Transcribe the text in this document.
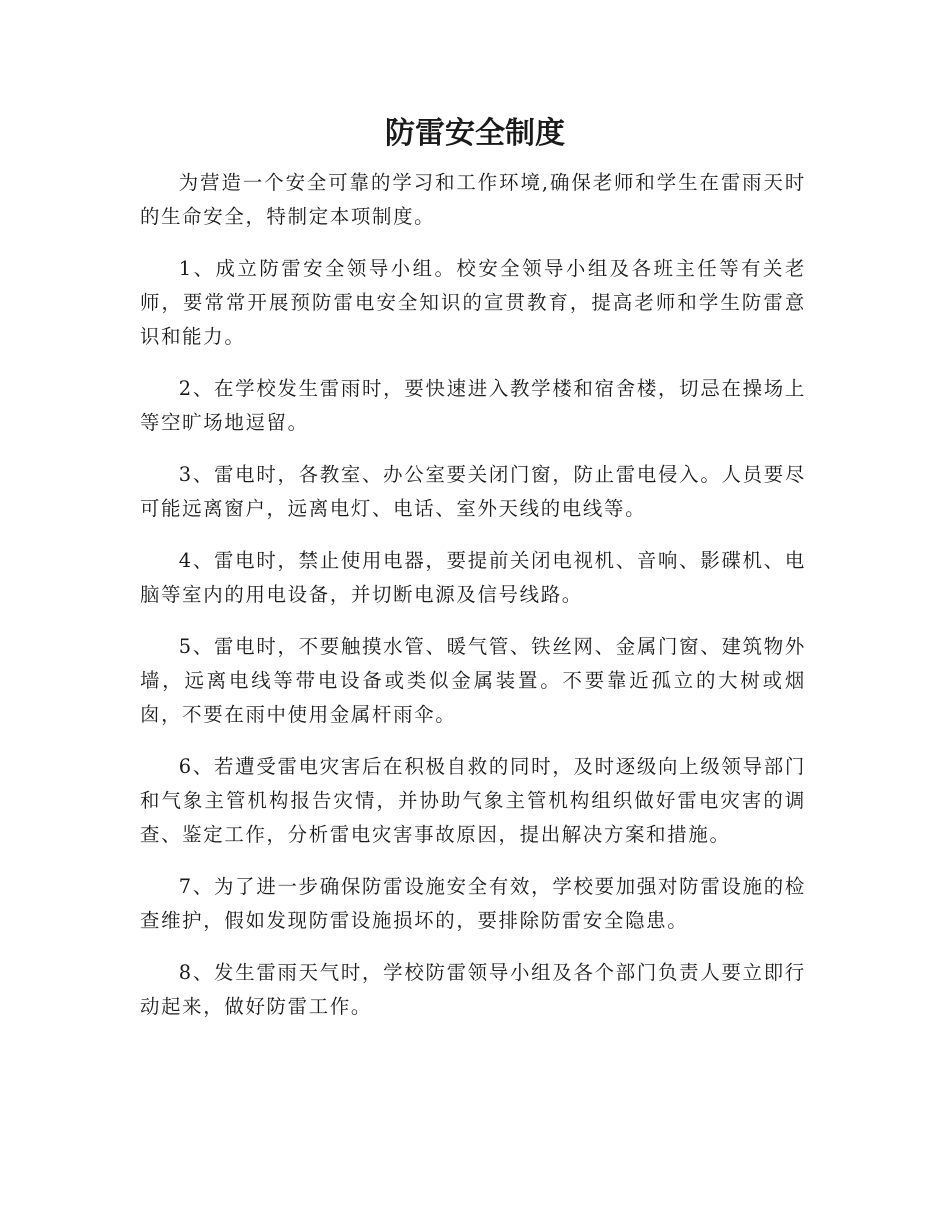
防雷安全制度

为营造一个安全可靠的学习和工作环境,确保老师和学生在雷雨天时的生命安全，特制定本项制度。

1、成立防雷安全领导小组。校安全领导小组及各班主任等有关老师，要常常开展预防雷电安全知识的宣贯教育，提高老师和学生防雷意识和能力。

2、在学校发生雷雨时，要快速进入教学楼和宿舍楼，切忌在操场上等空旷场地逗留。

3、雷电时，各教室、办公室要关闭门窗，防止雷电侵入。人员要尽可能远离窗户，远离电灯、电话、室外天线的电线等。

4、雷电时，禁止使用电器，要提前关闭电视机、音响、影碟机、电脑等室内的用电设备，并切断电源及信号线路。

5、雷电时，不要触摸水管、暖气管、铁丝网、金属门窗、建筑物外墙，远离电线等带电设备或类似金属装置。不要靠近孤立的大树或烟囱，不要在雨中使用金属杆雨伞。

6、若遭受雷电灾害后在积极自救的同时，及时逐级向上级领导部门和气象主管机构报告灾情，并协助气象主管机构组织做好雷电灾害的调查、鉴定工作，分析雷电灾害事故原因，提出解决方案和措施。

7、为了进一步确保防雷设施安全有效，学校要加强对防雷设施的检查维护，假如发现防雷设施损坏的，要排除防雷安全隐患。

8、发生雷雨天气时，学校防雷领导小组及各个部门负责人要立即行动起来，做好防雷工作。
